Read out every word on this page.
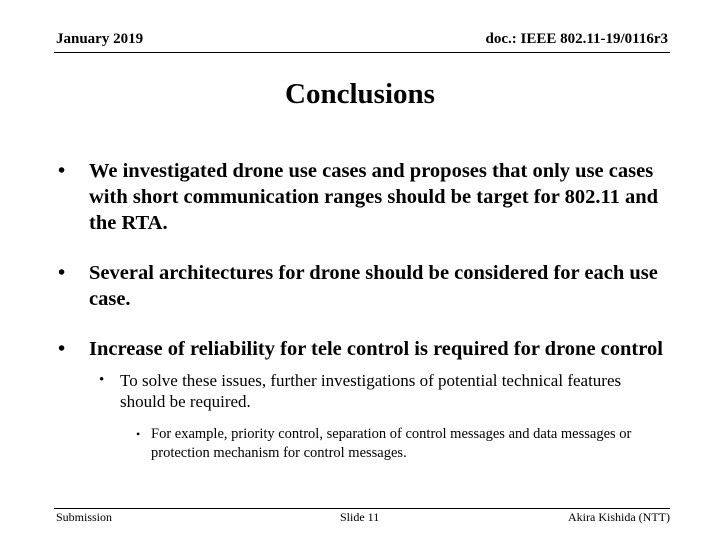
January 2019	doc.: IEEE 802.11-19/0116r3
Conclusions
• We investigated drone use cases and proposes that only use cases with short communication ranges should be target for 802.11 and the RTA.
• Several architectures for drone should be considered for each use case.
• Increase of reliability for tele control is required for drone control
• To solve these issues, further investigations of potential technical features should be required.
• For example, priority control, separation of control messages and data messages or protection mechanism for control messages.
Submission	Slide 11	Akira Kishida (NTT)
